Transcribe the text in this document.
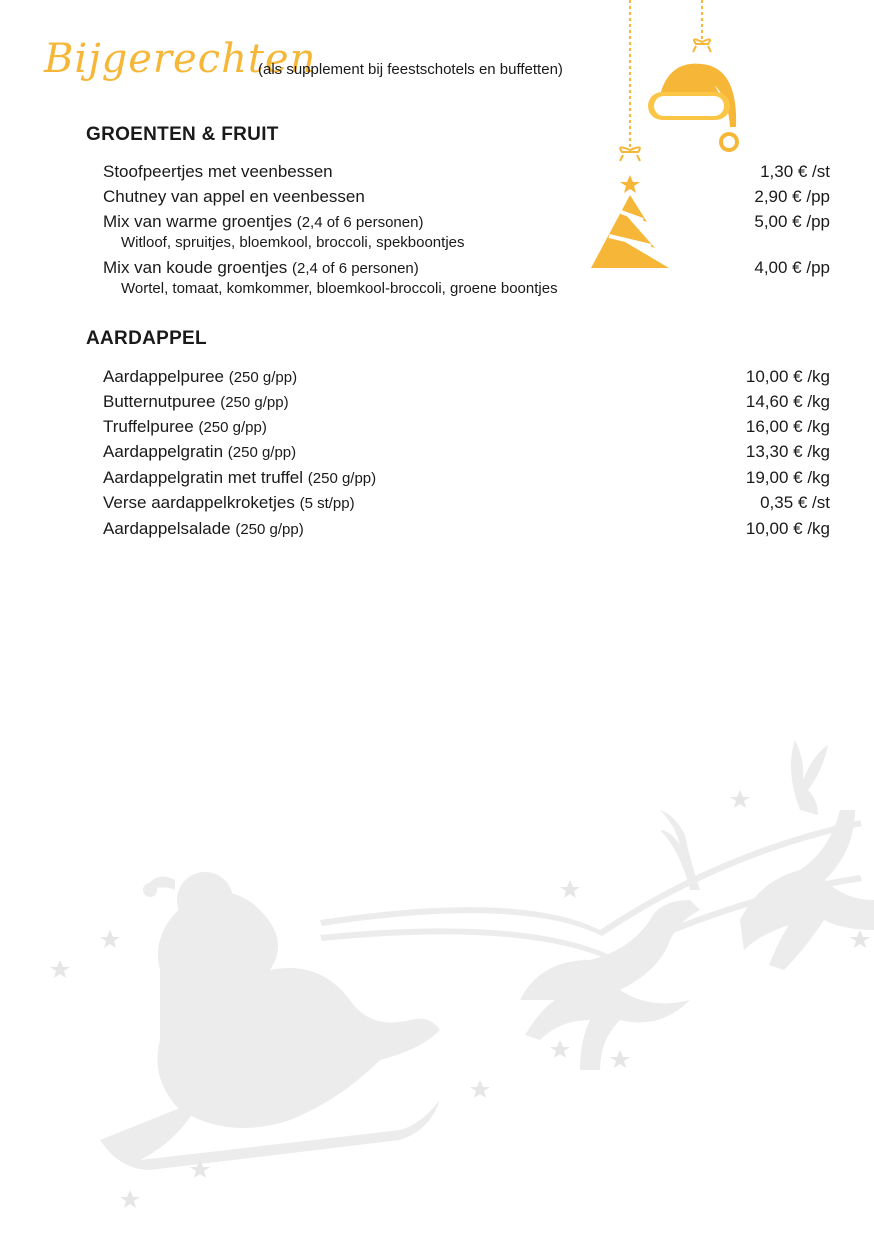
Bijgerechten
(als supplement bij feestschotels en buffetten)
GROENTEN & FRUIT
Stoofpeertjes met veenbessen	1,30 € /st
Chutney van appel en veenbessen	2,90 € /pp
Mix van warme groentjes (2,4 of 6 personen)	5,00 € /pp
Witloof, spruitjes, bloemkool, broccoli, spekboontjes
Mix van koude groentjes (2,4 of 6 personen)	4,00 € /pp
Wortel, tomaat, komkommer, bloemkool-broccoli, groene boontjes
AARDAPPEL
Aardappelpuree (250 g/pp)	10,00 € /kg
Butternutpuree (250 g/pp)	14,60 € /kg
Truffelpuree (250 g/pp)	16,00 € /kg
Aardappelgratin (250 g/pp)	13,30 € /kg
Aardappelgratin met truffel (250 g/pp)	19,00 € /kg
Verse aardappelkroketjes (5 st/pp)	0,35 € /st
Aardappelsalade (250 g/pp)	10,00 € /kg
